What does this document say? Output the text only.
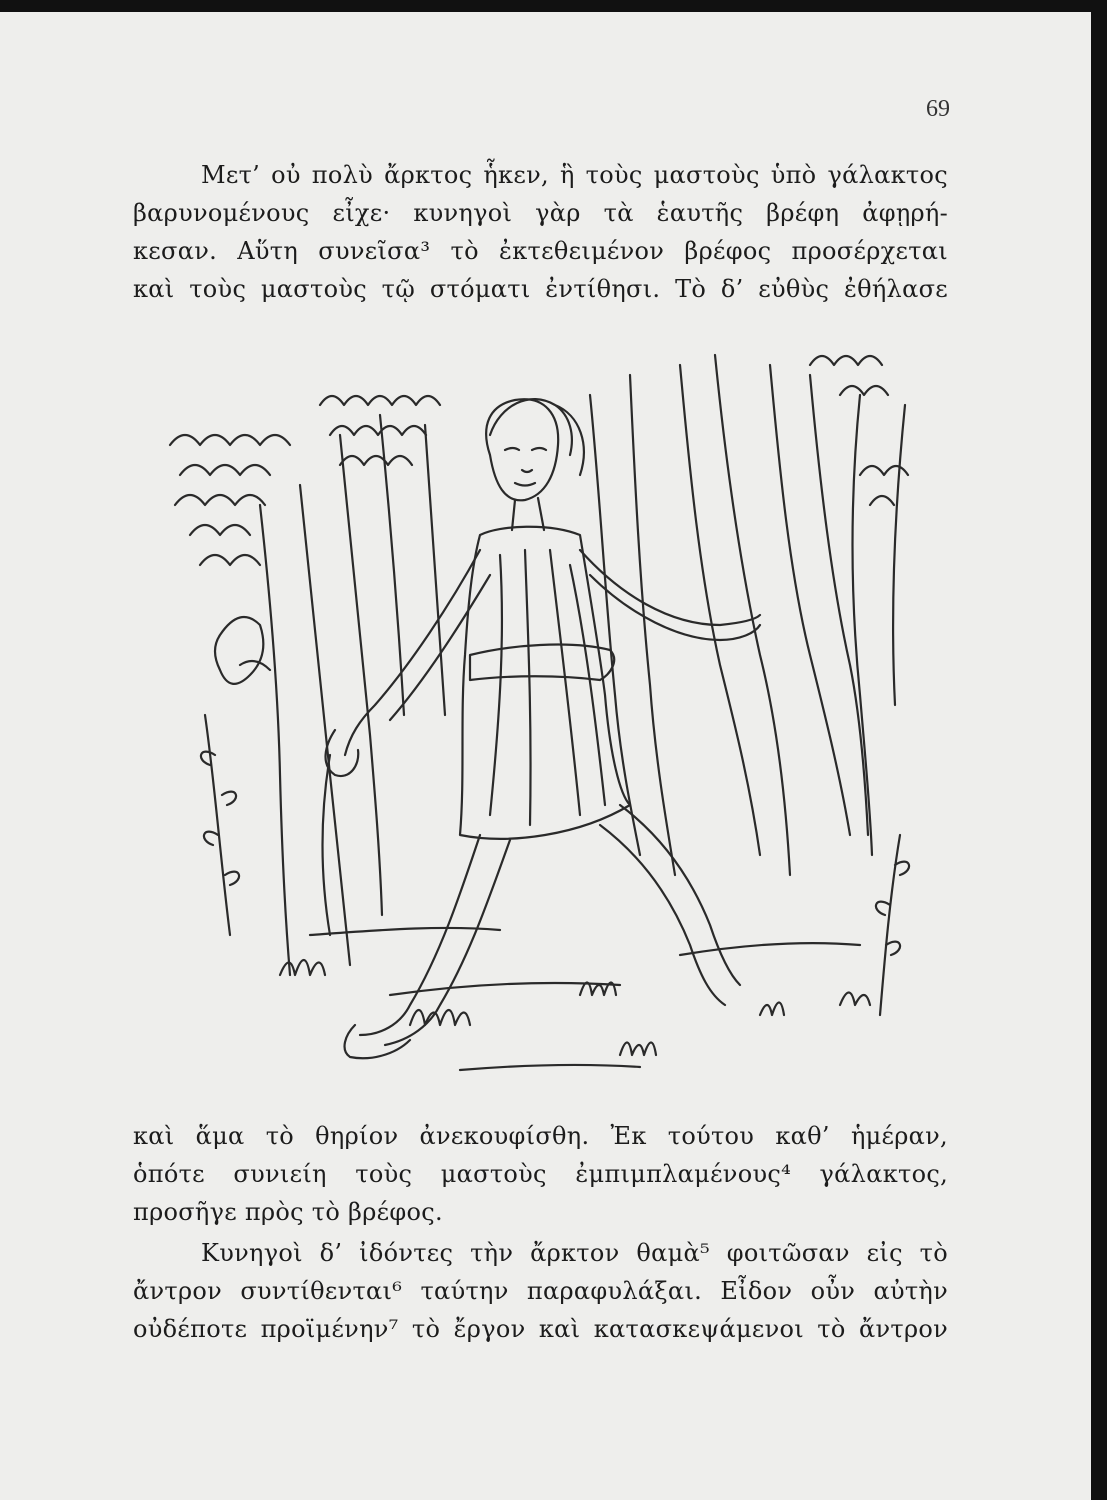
69
Μετ’ οὐ πολὺ ἄρκτος ἧκεν, ἣ τοὺς μαστοὺς ὑπὸ γάλακτος
βαρυνομένους εἶχε· κυνηγοὶ γὰρ τὰ ἑαυτῆς βρέφη ἀφῃρή-
κεσαν. Αὕτη συνεῖσα³ τὸ ἐκτεθειμένον βρέφος προσέρχεται
καὶ τοὺς μαστοὺς τῷ στόματι ἐντίθησι. Τὸ δ’ εὐθὺς ἐθήλασε
καὶ ἅμα τὸ θηρίον ἀνεκουφίσθη. Ἐκ τούτου καθ’ ἡμέραν,
ὁπότε συνιείη τοὺς μαστοὺς ἐμπιμπλαμένους⁴ γάλακτος,
προσῆγε πρὸς τὸ βρέφος.
Κυνηγοὶ δ’ ἰδόντες τὴν ἄρκτον θαμὰ⁵ φοιτῶσαν εἰς τὸ
ἄντρον συντίθενται⁶ ταύτην παραφυλάξαι. Εἶδον οὖν αὐτὴν
οὐδέποτε προϊμένην⁷ τὸ ἔργον καὶ κατασκεψάμενοι τὸ ἄντρον
